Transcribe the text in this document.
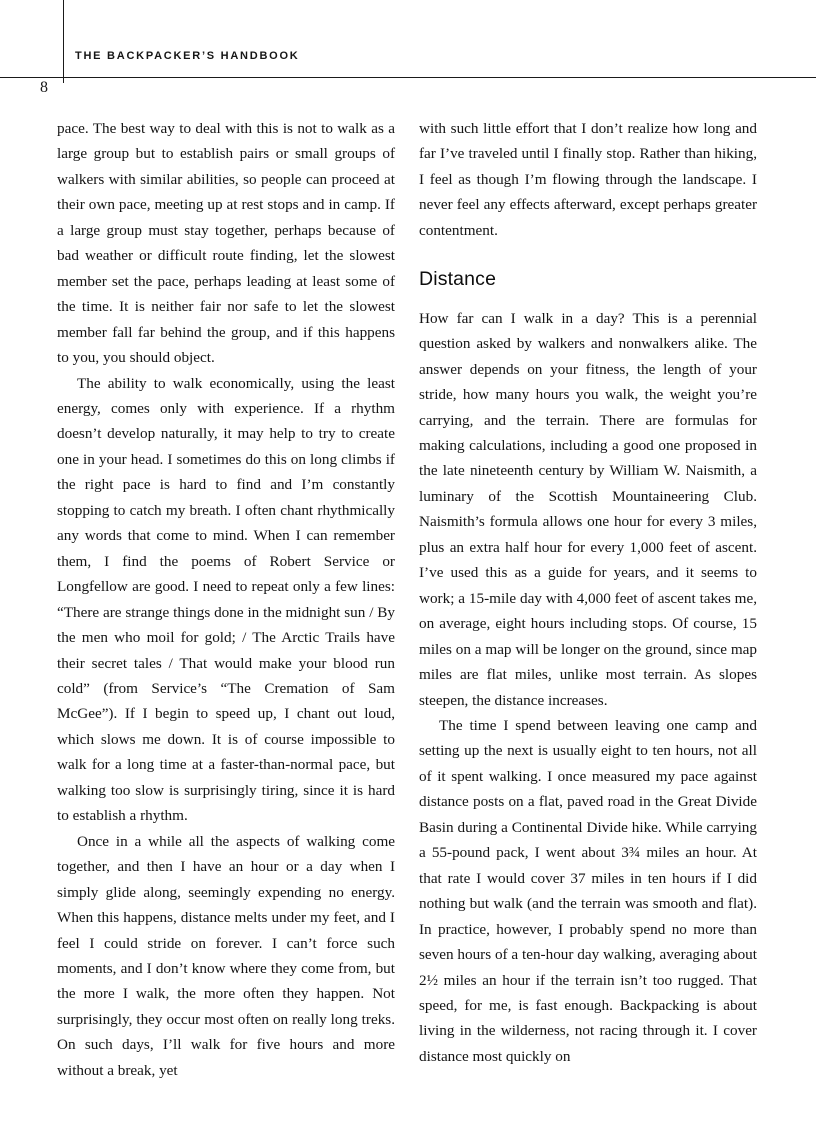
THE BACKPACKER’S HANDBOOK
8

pace. The best way to deal with this is not to walk as a large group but to establish pairs or small groups of walkers with similar abilities, so people can proceed at their own pace, meeting up at rest stops and in camp. If a large group must stay together, perhaps because of bad weather or difficult route finding, let the slowest member set the pace, perhaps leading at least some of the time. It is neither fair nor safe to let the slowest member fall far behind the group, and if this happens to you, you should object.

The ability to walk economically, using the least energy, comes only with experience. If a rhythm doesn’t develop naturally, it may help to try to create one in your head. I sometimes do this on long climbs if the right pace is hard to find and I’m constantly stopping to catch my breath. I often chant rhythmically any words that come to mind. When I can remember them, I find the poems of Robert Service or Longfellow are good. I need to repeat only a few lines: “There are strange things done in the midnight sun / By the men who moil for gold; / The Arctic Trails have their secret tales / That would make your blood run cold” (from Service’s “The Cremation of Sam McGee”). If I begin to speed up, I chant out loud, which slows me down. It is of course impossible to walk for a long time at a faster-than-normal pace, but walking too slow is surprisingly tiring, since it is hard to establish a rhythm.

Once in a while all the aspects of walking come together, and then I have an hour or a day when I simply glide along, seemingly expending no energy. When this happens, distance melts under my feet, and I feel I could stride on forever. I can’t force such moments, and I don’t know where they come from, but the more I walk, the more often they happen. Not surprisingly, they occur most often on really long treks. On such days, I’ll walk for five hours and more without a break, yet

with such little effort that I don’t realize how long and far I’ve traveled until I finally stop. Rather than hiking, I feel as though I’m flowing through the landscape. I never feel any effects afterward, except perhaps greater contentment.

Distance

How far can I walk in a day? This is a perennial question asked by walkers and nonwalkers alike. The answer depends on your fitness, the length of your stride, how many hours you walk, the weight you’re carrying, and the terrain. There are formulas for making calculations, including a good one proposed in the late nineteenth century by William W. Naismith, a luminary of the Scottish Mountaineering Club. Naismith’s formula allows one hour for every 3 miles, plus an extra half hour for every 1,000 feet of ascent. I’ve used this as a guide for years, and it seems to work; a 15-mile day with 4,000 feet of ascent takes me, on average, eight hours including stops. Of course, 15 miles on a map will be longer on the ground, since map miles are flat miles, unlike most terrain. As slopes steepen, the distance increases.

The time I spend between leaving one camp and setting up the next is usually eight to ten hours, not all of it spent walking. I once measured my pace against distance posts on a flat, paved road in the Great Divide Basin during a Continental Divide hike. While carrying a 55-pound pack, I went about 3¾ miles an hour. At that rate I would cover 37 miles in ten hours if I did nothing but walk (and the terrain was smooth and flat). In practice, however, I probably spend no more than seven hours of a ten-hour day walking, averaging about 2½ miles an hour if the terrain isn’t too rugged. That speed, for me, is fast enough. Backpacking is about living in the wilderness, not racing through it. I cover distance most quickly on
